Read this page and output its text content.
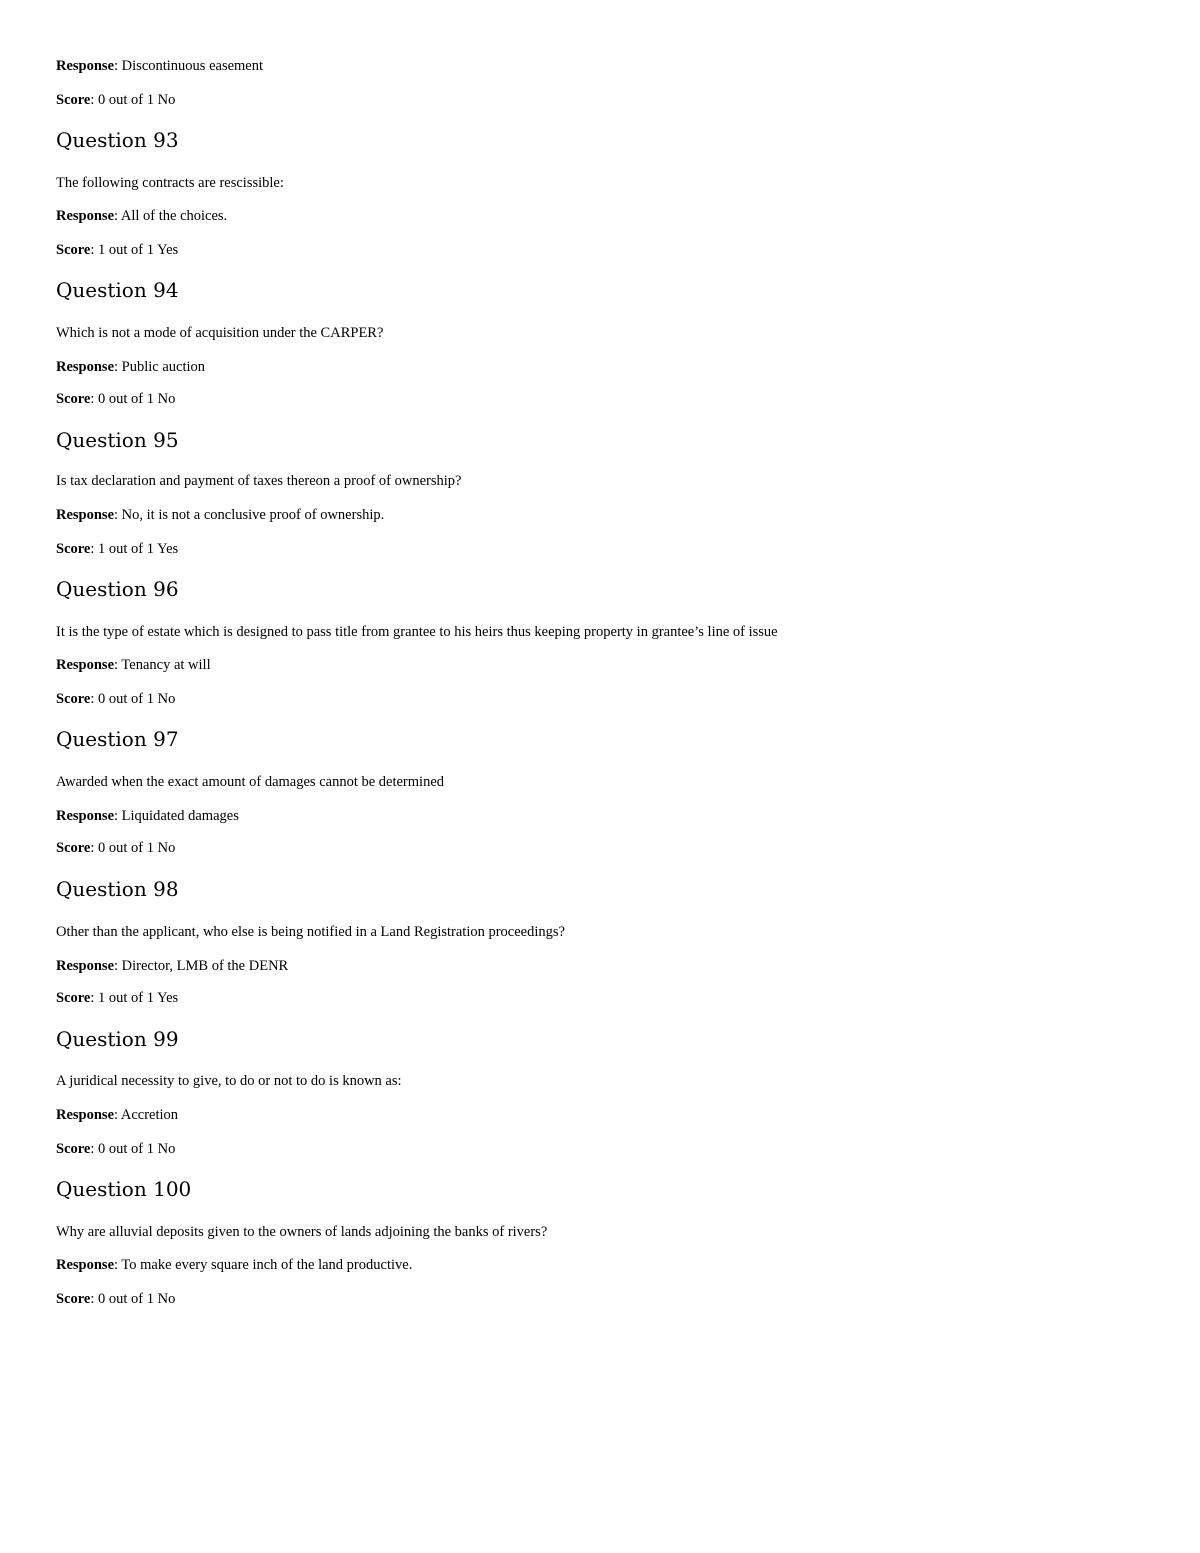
Response: Discontinuous easement
Score: 0 out of 1 No
Question 93
The following contracts are rescissible:
Response: All of the choices.
Score: 1 out of 1 Yes
Question 94
Which is not a mode of acquisition under the CARPER?
Response: Public auction
Score: 0 out of 1 No
Question 95
Is tax declaration and payment of taxes thereon a proof of ownership?
Response: No, it is not a conclusive proof of ownership.
Score: 1 out of 1 Yes
Question 96
It is the type of estate which is designed to pass title from grantee to his heirs thus keeping property in grantee’s line of issue
Response: Tenancy at will
Score: 0 out of 1 No
Question 97
Awarded when the exact amount of damages cannot be determined
Response: Liquidated damages
Score: 0 out of 1 No
Question 98
Other than the applicant, who else is being notified in a Land Registration proceedings?
Response: Director, LMB of the DENR
Score: 1 out of 1 Yes
Question 99
A juridical necessity to give, to do or not to do is known as:
Response: Accretion
Score: 0 out of 1 No
Question 100
Why are alluvial deposits given to the owners of lands adjoining the banks of rivers?
Response: To make every square inch of the land productive.
Score: 0 out of 1 No
